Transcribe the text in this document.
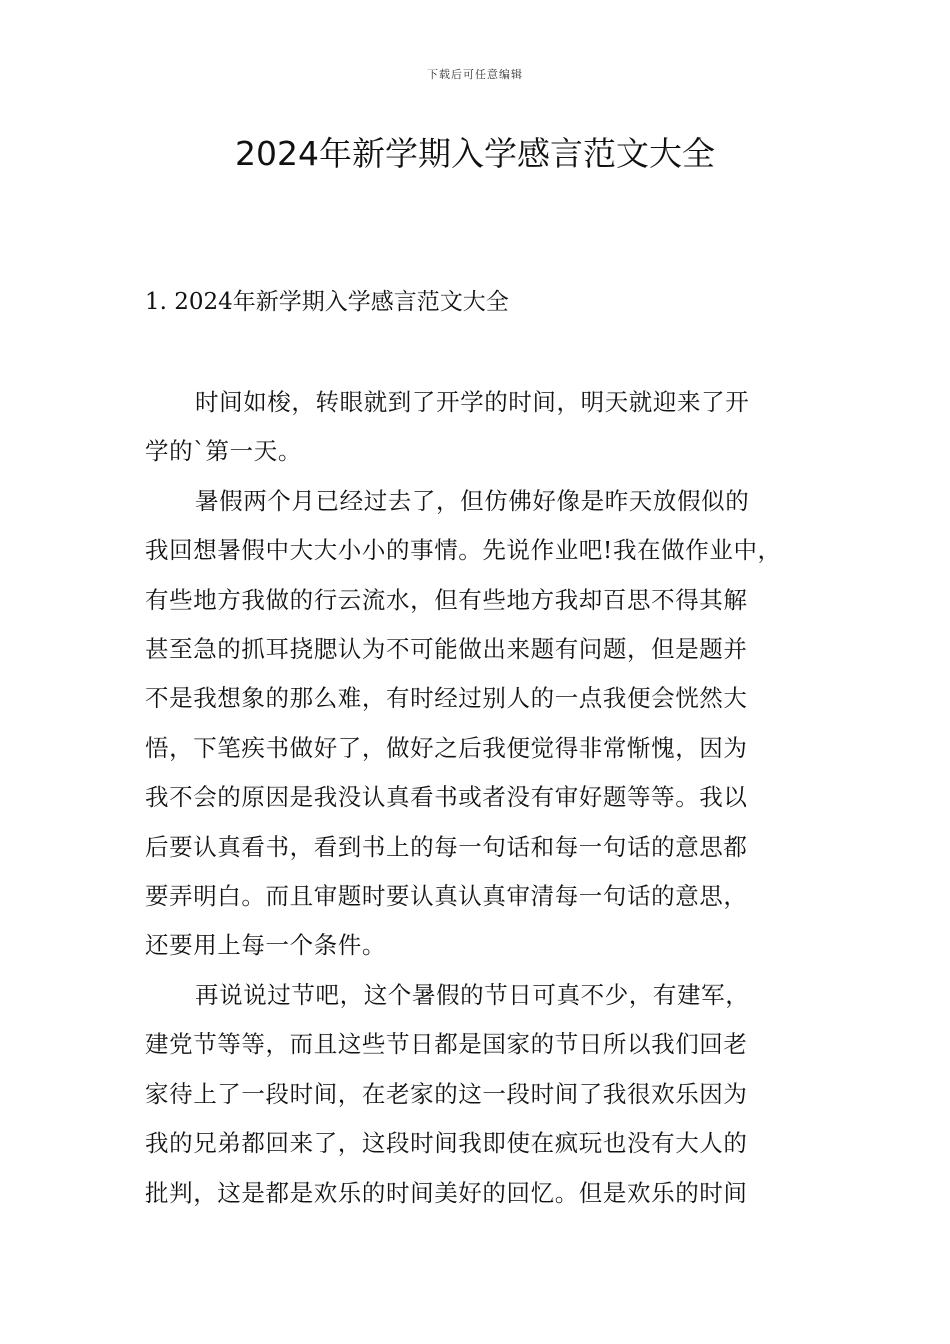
下载后可任意编辑
2024年新学期入学感言范文大全
1. 2024年新学期入学感言范文大全
时间如梭，转眼就到了开学的时间，明天就迎来了开
学的`第一天。
暑假两个月已经过去了，但仿佛好像是昨天放假似的
我回想暑假中大大小小的事情。先说作业吧!我在做作业中，
有些地方我做的行云流水，但有些地方我却百思不得其解
甚至急的抓耳挠腮认为不可能做出来题有问题，但是题并
不是我想象的那么难，有时经过别人的一点我便会恍然大
悟，下笔疾书做好了，做好之后我便觉得非常惭愧，因为
我不会的原因是我没认真看书或者没有审好题等等。我以
后要认真看书，看到书上的每一句话和每一句话的意思都
要弄明白。而且审题时要认真认真审清每一句话的意思，
还要用上每一个条件。
再说说过节吧，这个暑假的节日可真不少，有建军，
建党节等等，而且这些节日都是国家的节日所以我们回老
家待上了一段时间，在老家的这一段时间了我很欢乐因为
我的兄弟都回来了，这段时间我即使在疯玩也没有大人的
批判，这是都是欢乐的时间美好的回忆。但是欢乐的时间
